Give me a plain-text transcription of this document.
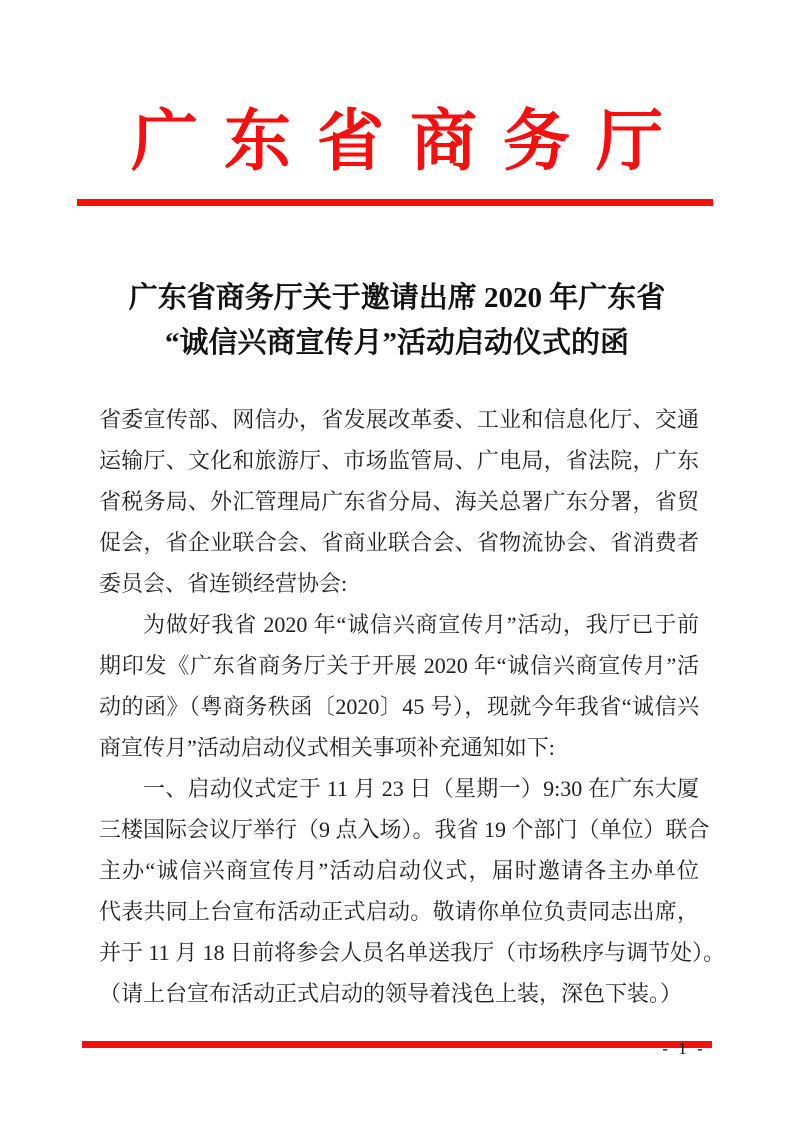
广东省商务厅
广东省商务厅关于邀请出席 2020 年广东省
“诚信兴商宣传月”活动启动仪式的函
省委宣传部、网信办，省发展改革委、工业和信息化厅、交通
运输厅、文化和旅游厅、市场监管局、广电局，省法院，广东
省税务局、外汇管理局广东省分局、海关总署广东分署，省贸
促会，省企业联合会、省商业联合会、省物流协会、省消费者
委员会、省连锁经营协会:
为做好我省 2020 年“诚信兴商宣传月”活动，我厅已于前
期印发《广东省商务厅关于开展 2020 年“诚信兴商宣传月”活
动的函》（粤商务秩函〔2020〕45 号），现就今年我省“诚信兴
商宣传月”活动启动仪式相关事项补充通知如下:
一、启动仪式定于 11 月 23 日（星期一）9:30 在广东大厦
三楼国际会议厅举行（9 点入场）。我省 19 个部门（单位）联合
主办“诚信兴商宣传月”活动启动仪式，届时邀请各主办单位
代表共同上台宣布活动正式启动。敬请你单位负责同志出席，
并于 11 月 18 日前将参会人员名单送我厅（市场秩序与调节处）。
（请上台宣布活动正式启动的领导着浅色上装，深色下装。）
- 1 -
